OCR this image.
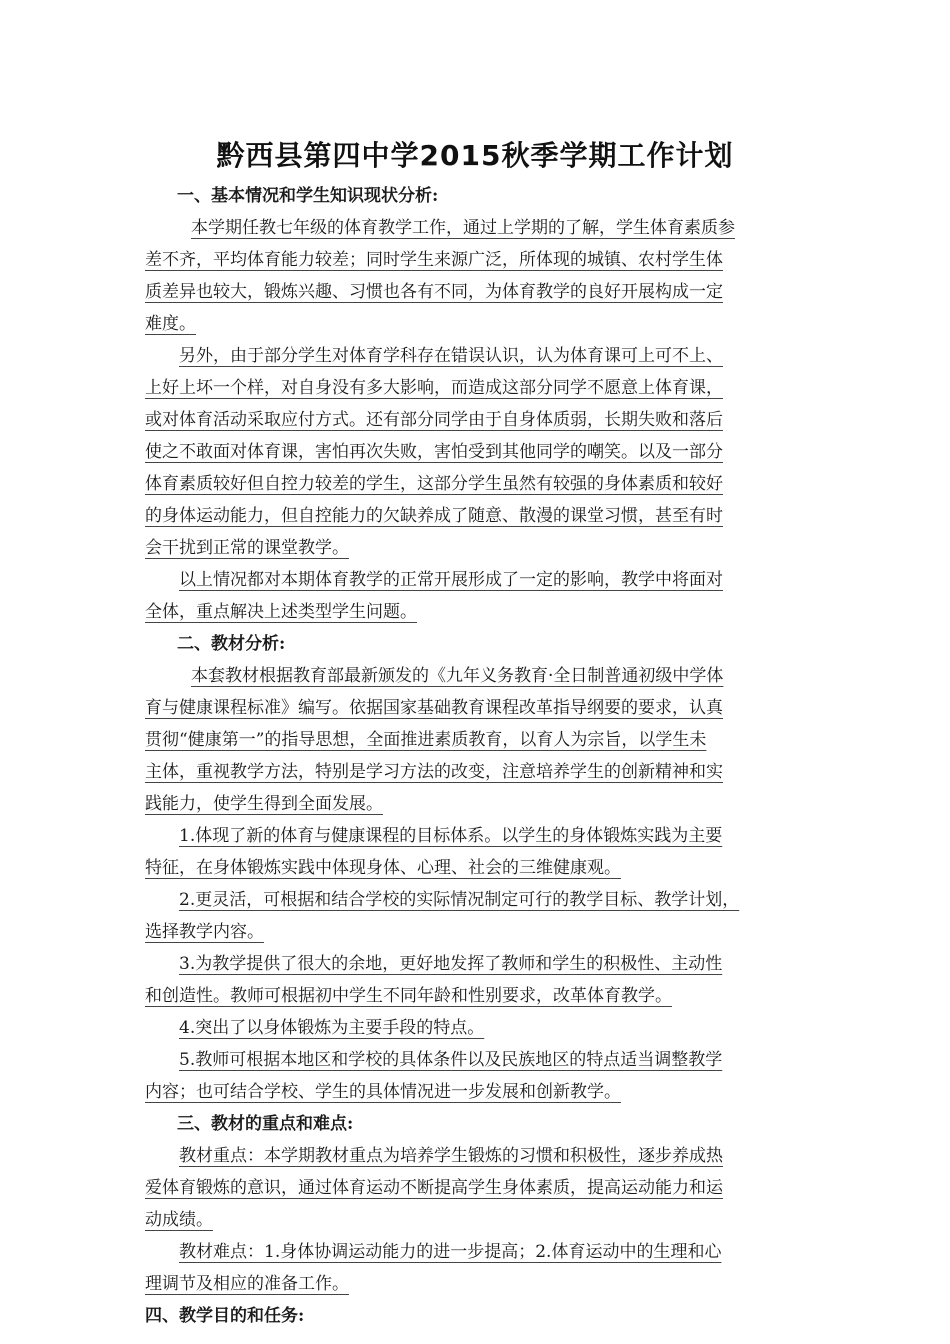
黔西县第四中学2015秋季学期工作计划
一、基本情况和学生知识现状分析:
本学期任教七年级的体育教学工作，通过上学期的了解，学生体育素质参
差不齐，平均体育能力较差；同时学生来源广泛，所体现的城镇、农村学生体
质差异也较大，锻炼兴趣、习惯也各有不同，为体育教学的良好开展构成一定
难度。
另外，由于部分学生对体育学科存在错误认识，认为体育课可上可不上、
上好上坏一个样，对自身没有多大影响，而造成这部分同学不愿意上体育课，
或对体育活动采取应付方式。还有部分同学由于自身体质弱，长期失败和落后
使之不敢面对体育课，害怕再次失败，害怕受到其他同学的嘲笑。以及一部分
体育素质较好但自控力较差的学生，这部分学生虽然有较强的身体素质和较好
的身体运动能力，但自控能力的欠缺养成了随意、散漫的课堂习惯，甚至有时
会干扰到正常的课堂教学。
以上情况都对本期体育教学的正常开展形成了一定的影响，教学中将面对
全体，重点解决上述类型学生问题。
二、教材分析:
本套教材根据教育部最新颁发的《九年义务教育·全日制普通初级中学体
育与健康课程标准》编写。依据国家基础教育课程改革指导纲要的要求，认真
贯彻“健康第一”的指导思想，全面推进素质教育，以育人为宗旨，以学生未
主体，重视教学方法，特别是学习方法的改变，注意培养学生的创新精神和实
践能力，使学生得到全面发展。
1.体现了新的体育与健康课程的目标体系。以学生的身体锻炼实践为主要
特征，在身体锻炼实践中体现身体、心理、社会的三维健康观。
2.更灵活，可根据和结合学校的实际情况制定可行的教学目标、教学计划，
选择教学内容。
3.为教学提供了很大的余地，更好地发挥了教师和学生的积极性、主动性
和创造性。教师可根据初中学生不同年龄和性别要求，改革体育教学。
4.突出了以身体锻炼为主要手段的特点。
5.教师可根据本地区和学校的具体条件以及民族地区的特点适当调整教学
内容；也可结合学校、学生的具体情况进一步发展和创新教学。
三、教材的重点和难点:
教材重点：本学期教材重点为培养学生锻炼的习惯和积极性，逐步养成热
爱体育锻炼的意识，通过体育运动不断提高学生身体素质，提高运动能力和运
动成绩。
教材难点：1.身体协调运动能力的进一步提高；2.体育运动中的生理和心
理调节及相应的准备工作。
四、教学目的和任务:
